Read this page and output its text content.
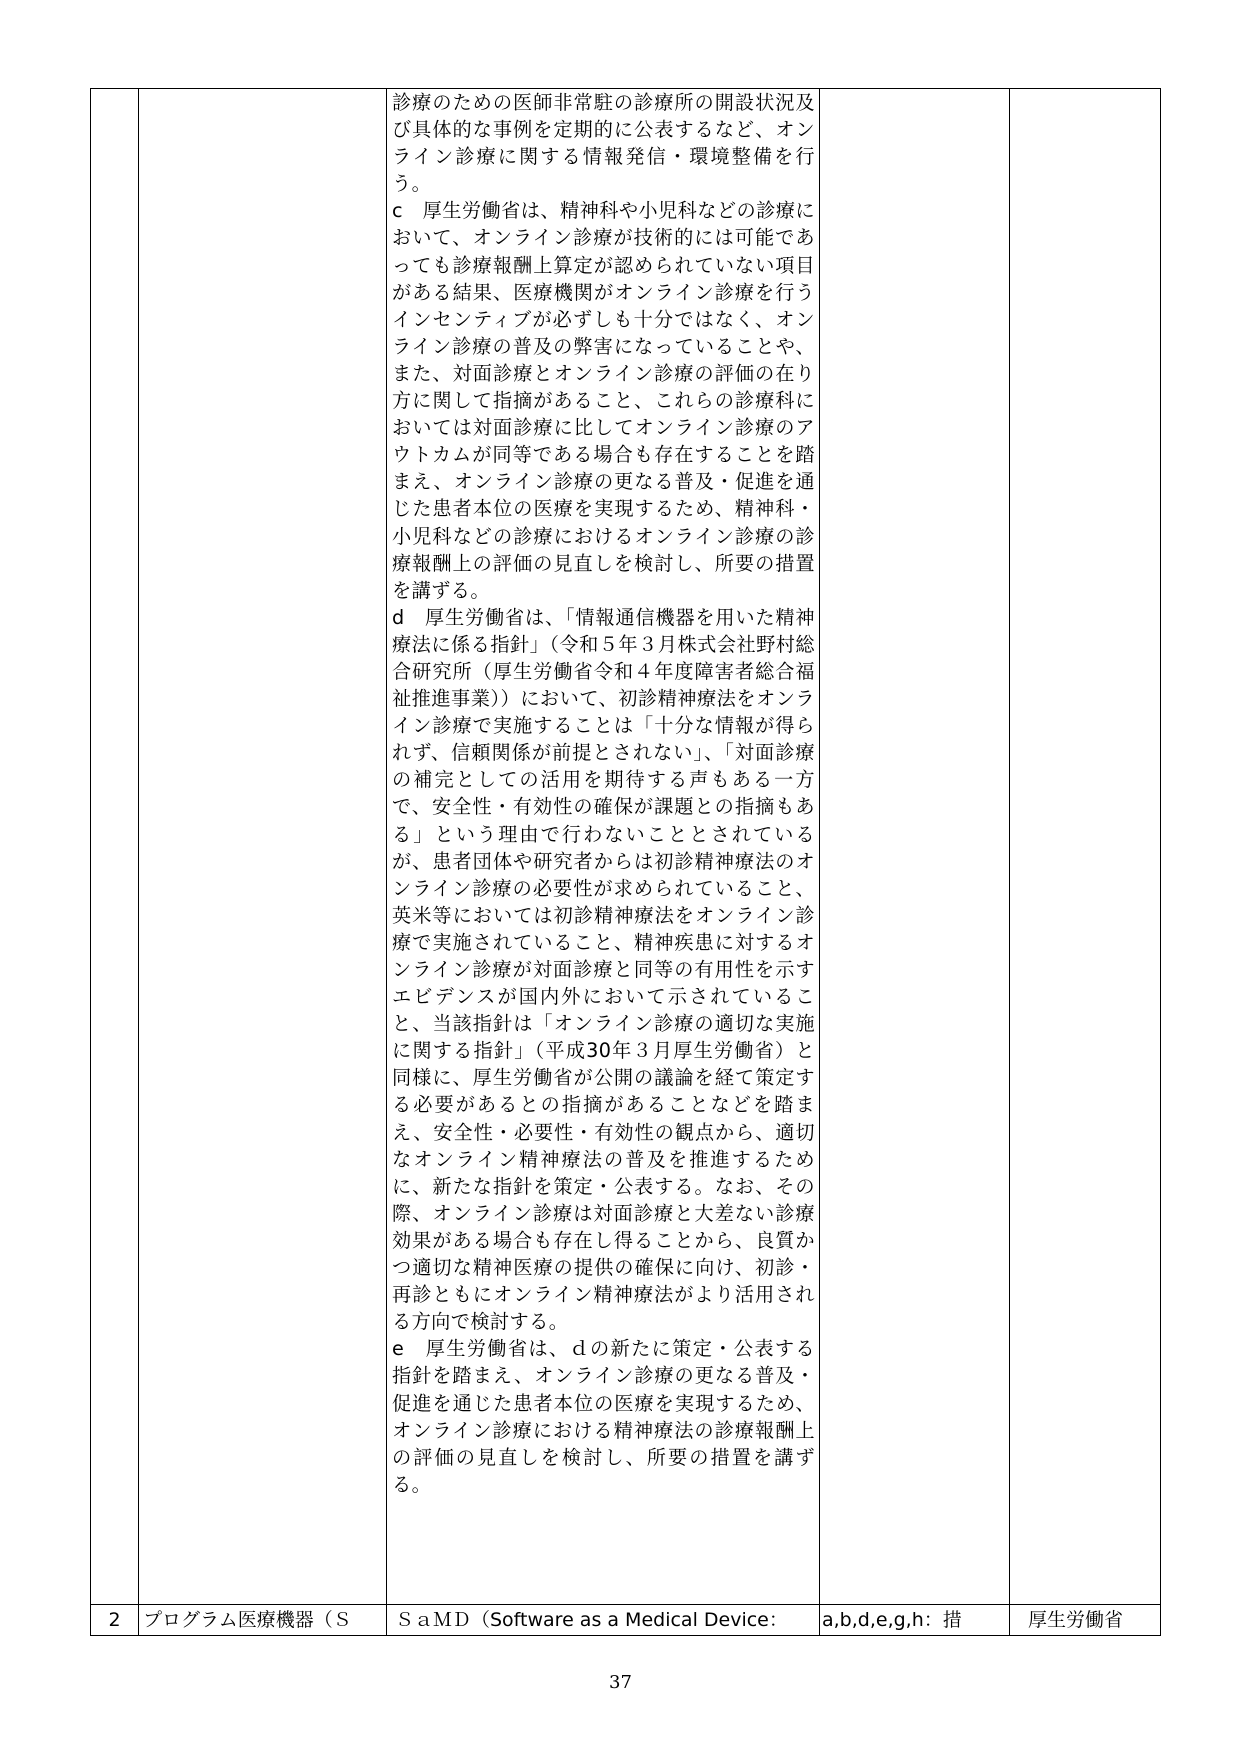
		診療のための医師非常駐の診療所の開設状況及び具体的な事例を定期的に公表するなど、オンライン診療に関する情報発信・環境整備を行う。

c　厚生労働省は、精神科や小児科などの診療において、オンライン診療が技術的には可能であっても診療報酬上算定が認められていない項目がある結果、医療機関がオンライン診療を行うインセンティブが必ずしも十分ではなく、オンライン診療の普及の弊害になっていることや、また、対面診療とオンライン診療の評価の在り方に関して指摘があること、これらの診療科においては対面診療に比してオンライン診療のアウトカムが同等である場合も存在することを踏まえ、オンライン診療の更なる普及・促進を通じた患者本位の医療を実現するため、精神科・小児科などの診療におけるオンライン診療の診療報酬上の評価の見直しを検討し、所要の措置を講ずる。

d　厚生労働省は、「情報通信機器を用いた精神療法に係る指針」（令和５年３月株式会社野村総合研究所（厚生労働省令和４年度障害者総合福祉推進事業））において、初診精神療法をオンライン診療で実施することは「十分な情報が得られず、信頼関係が前提とされない」、「対面診療の補完としての活用を期待する声もある一方で、安全性・有効性の確保が課題との指摘もある」という理由で行わないこととされているが、患者団体や研究者からは初診精神療法のオンライン診療の必要性が求められていること、英米等においては初診精神療法をオンライン診療で実施されていること、精神疾患に対するオンライン診療が対面診療と同等の有用性を示すエビデンスが国内外において示されていること、当該指針は「オンライン診療の適切な実施に関する指針」（平成30年３月厚生労働省）と同様に、厚生労働省が公開の議論を経て策定する必要があるとの指摘があることなどを踏まえ、安全性・必要性・有効性の観点から、適切なオンライン精神療法の普及を推進するために、新たな指針を策定・公表する。なお、その際、オンライン診療は対面診療と大差ない診療効果がある場合も存在し得ることから、良質かつ適切な精神医療の提供の確保に向け、初診・再診ともにオンライン精神療法がより活用される方向で検討する。

e　厚生労働省は、ｄの新たに策定・公表する指針を踏まえ、オンライン診療の更なる普及・促進を通じた患者本位の医療を実現するため、オンライン診療における精神療法の診療報酬上の評価の見直しを検討し、所要の措置を講ずる。		

2	プログラム医療機器（Ｓ	ＳａＭＤ（Software as a Medical Device：	a,b,d,e,g,h：措	厚生労働省
37
